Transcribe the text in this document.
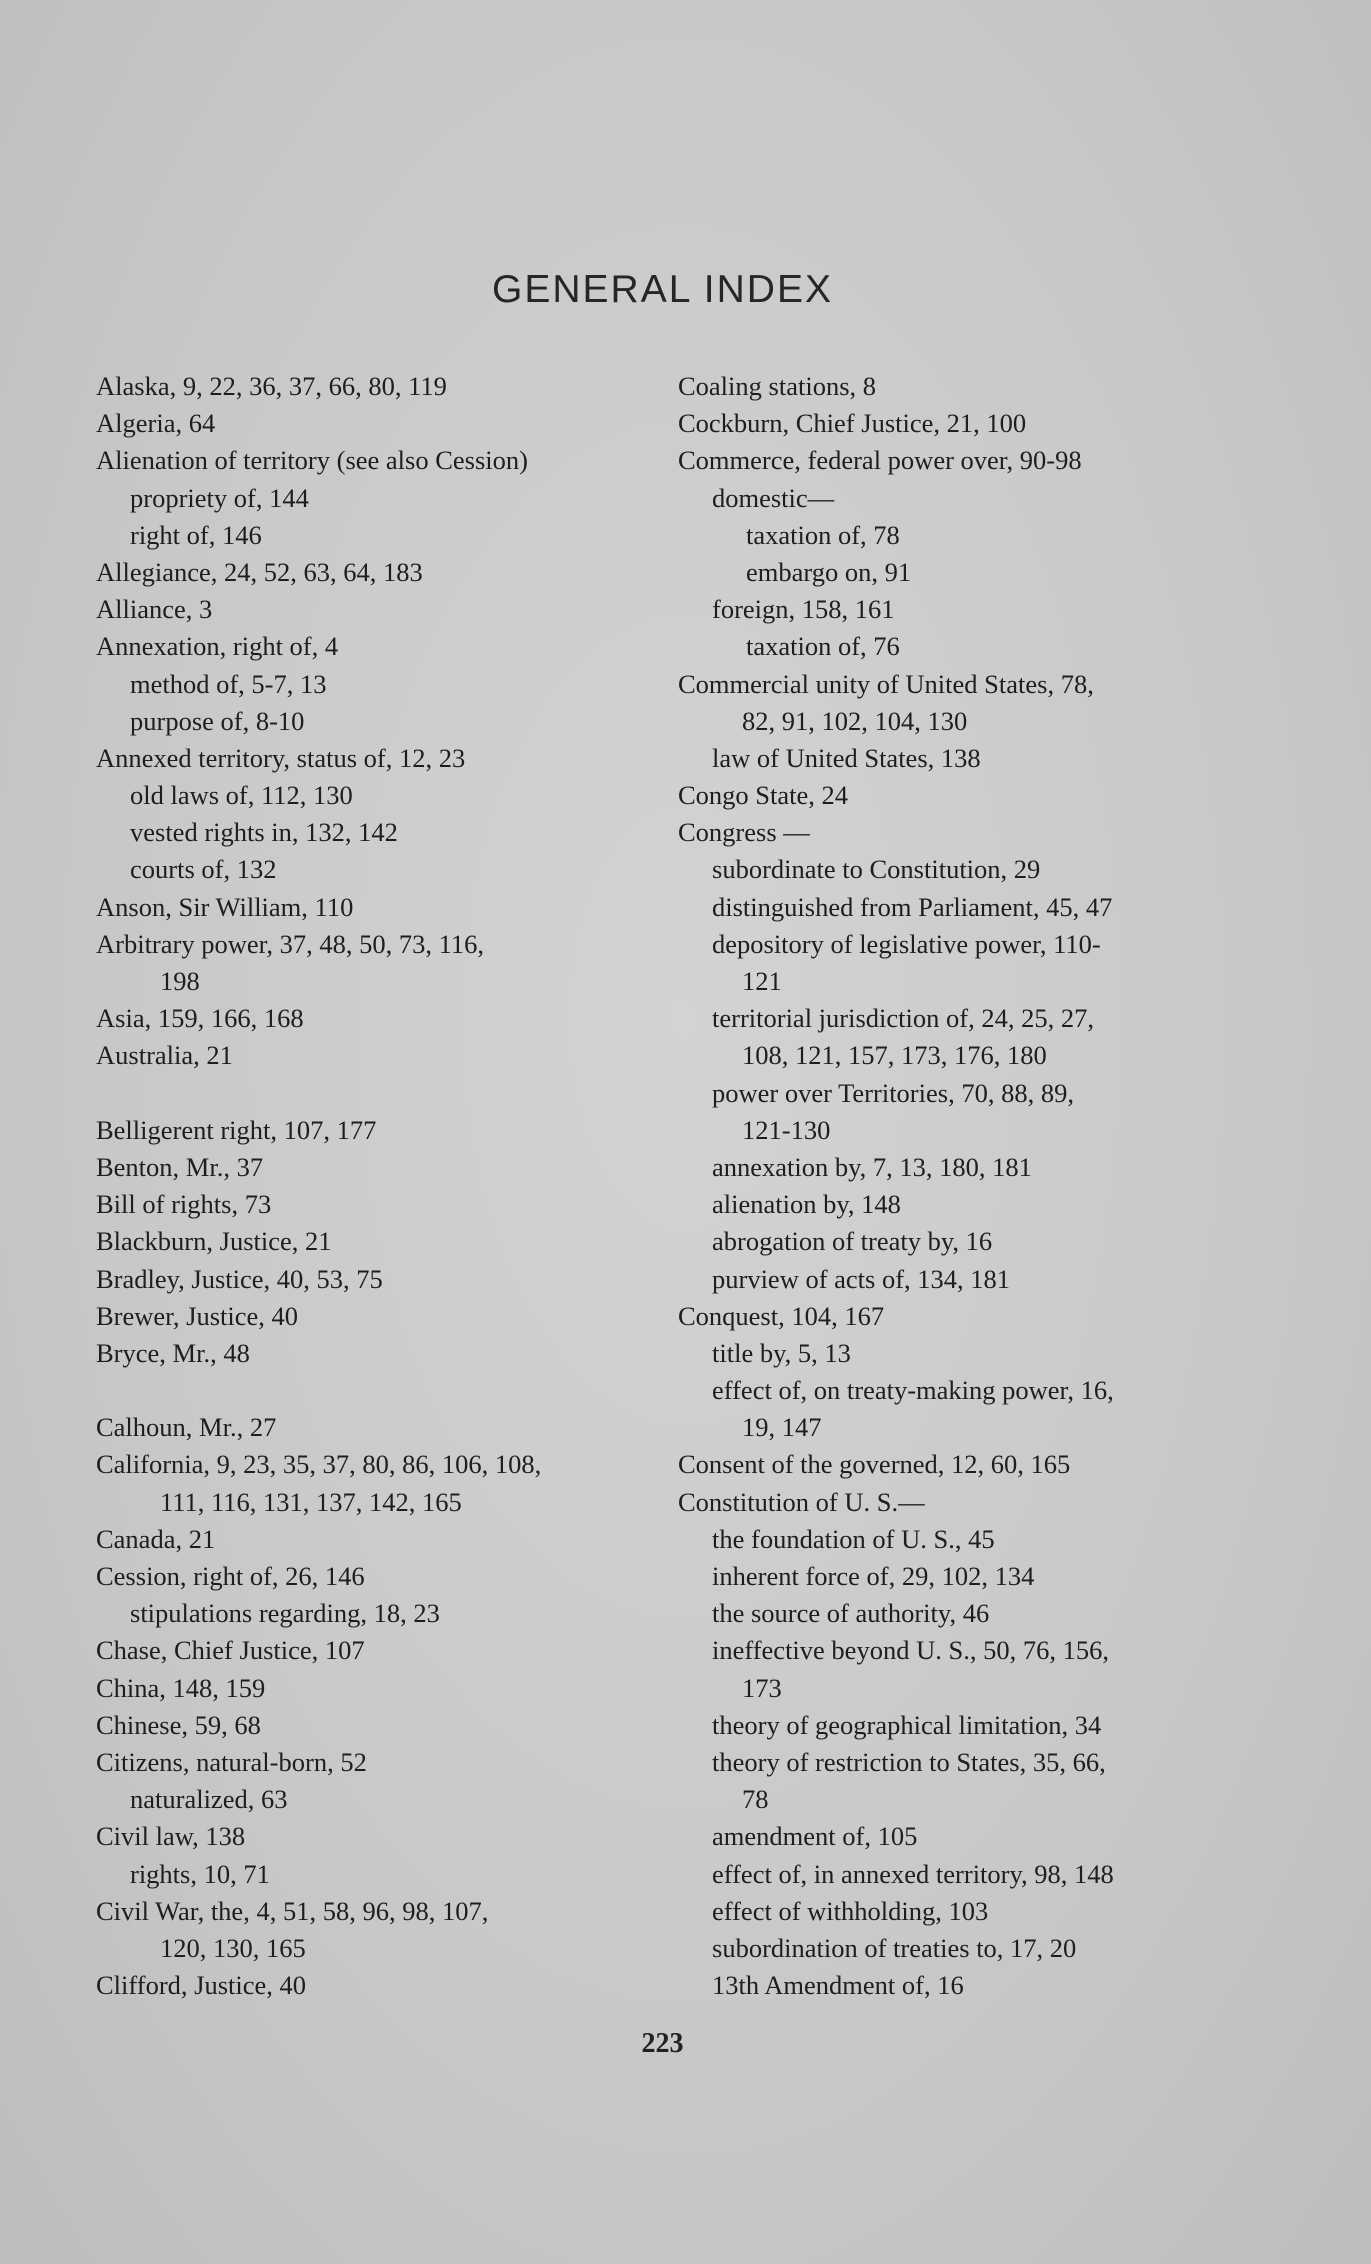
GENERAL INDEX
Alaska, 9, 22, 36, 37, 66, 80, 119
Algeria, 64
Alienation of territory (see also Cession)
propriety of, 144
right of, 146
Allegiance, 24, 52, 63, 64, 183
Alliance, 3
Annexation, right of, 4
method of, 5-7, 13
purpose of, 8-10
Annexed territory, status of, 12, 23
old laws of, 112, 130
vested rights in, 132, 142
courts of, 132
Anson, Sir William, 110
Arbitrary power, 37, 48, 50, 73, 116,
198
Asia, 159, 166, 168
Australia, 21
Belligerent right, 107, 177
Benton, Mr., 37
Bill of rights, 73
Blackburn, Justice, 21
Bradley, Justice, 40, 53, 75
Brewer, Justice, 40
Bryce, Mr., 48
Calhoun, Mr., 27
California, 9, 23, 35, 37, 80, 86, 106, 108,
111, 116, 131, 137, 142, 165
Canada, 21
Cession, right of, 26, 146
stipulations regarding, 18, 23
Chase, Chief Justice, 107
China, 148, 159
Chinese, 59, 68
Citizens, natural-born, 52
naturalized, 63
Civil law, 138
rights, 10, 71
Civil War, the, 4, 51, 58, 96, 98, 107,
120, 130, 165
Clifford, Justice, 40
Coaling stations, 8
Cockburn, Chief Justice, 21, 100
Commerce, federal power over, 90-98
domestic—
taxation of, 78
embargo on, 91
foreign, 158, 161
taxation of, 76
Commercial unity of United States, 78,
82, 91, 102, 104, 130
law of United States, 138
Congo State, 24
Congress —
subordinate to Constitution, 29
distinguished from Parliament, 45, 47
depository of legislative power, 110-
121
territorial jurisdiction of, 24, 25, 27,
108, 121, 157, 173, 176, 180
power over Territories, 70, 88, 89,
121-130
annexation by, 7, 13, 180, 181
alienation by, 148
abrogation of treaty by, 16
purview of acts of, 134, 181
Conquest, 104, 167
title by, 5, 13
effect of, on treaty-making power, 16,
19, 147
Consent of the governed, 12, 60, 165
Constitution of U. S.—
the foundation of U. S., 45
inherent force of, 29, 102, 134
the source of authority, 46
ineffective beyond U. S., 50, 76, 156,
173
theory of geographical limitation, 34
theory of restriction to States, 35, 66,
78
amendment of, 105
effect of, in annexed territory, 98, 148
effect of withholding, 103
subordination of treaties to, 17, 20
13th Amendment of, 16
223
